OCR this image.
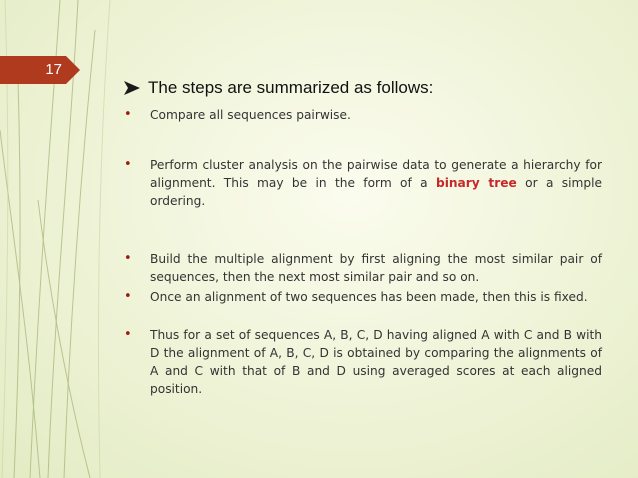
17
The steps are summarized as follows:
•	Compare all sequences pairwise.
•	Perform cluster analysis on the pairwise data to generate a hierarchy for alignment. This may be in the form of a binary tree or a simple ordering.
•	Build the multiple alignment by first aligning the most similar pair of sequences, then the next most similar pair and so on.
•	Once an alignment of two sequences has been made, then this is fixed.
•	Thus for a set of sequences A, B, C, D having aligned A with C and B with D the alignment of A, B, C, D is obtained by comparing the alignments of A and C with that of B and D using averaged scores at each aligned position.
